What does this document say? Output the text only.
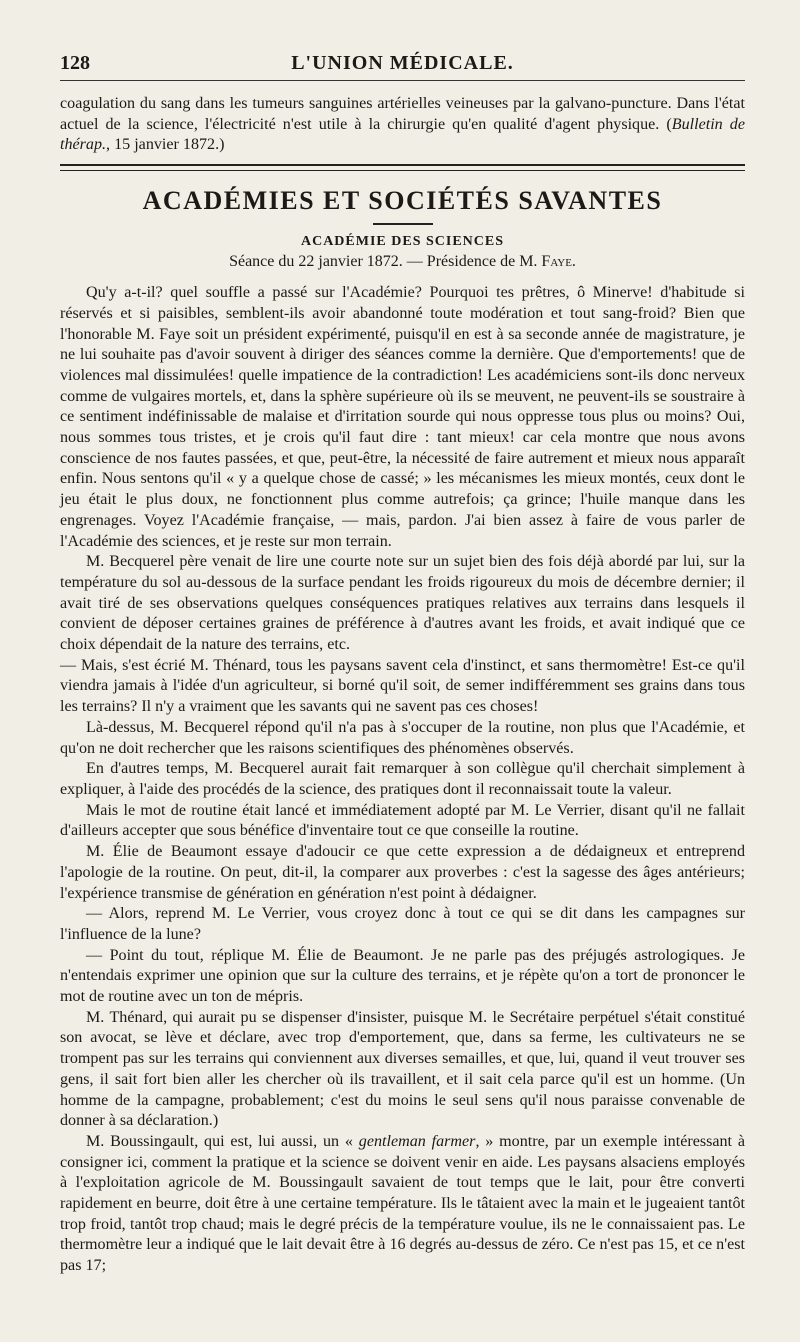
128	L'UNION MÉDICALE.

coagulation du sang dans les tumeurs sanguines artérielles veineuses par la galvano-puncture. Dans l'état actuel de la science, l'électricité n'est utile à la chirurgie qu'en qualité d'agent physique. (Bulletin de thérap., 15 janvier 1872.)

ACADÉMIES ET SOCIÉTÉS SAVANTES
ACADÉMIE DES SCIENCES
Séance du 22 janvier 1872. — Présidence de M. Faye.

Qu'y a-t-il? quel souffle a passé sur l'Académie? Pourquoi tes prêtres, ô Minerve! d'habitude si réservés et si paisibles, semblent-ils avoir abandonné toute modération et tout sang-froid? Bien que l'honorable M. Faye soit un président expérimenté, puisqu'il en est à sa seconde année de magistrature, je ne lui souhaite pas d'avoir souvent à diriger des séances comme la dernière. Que d'emportements! que de violences mal dissimulées! quelle impatience de la contradiction! Les académiciens sont-ils donc nerveux comme de vulgaires mortels, et, dans la sphère supérieure où ils se meuvent, ne peuvent-ils se soustraire à ce sentiment indéfinissable de malaise et d'irritation sourde qui nous oppresse tous plus ou moins? Oui, nous sommes tous tristes, et je crois qu'il faut dire : tant mieux! car cela montre que nous avons conscience de nos fautes passées, et que, peut-être, la nécessité de faire autrement et mieux nous apparaît enfin. Nous sentons qu'il « y a quelque chose de cassé; » les mécanismes les mieux montés, ceux dont le jeu était le plus doux, ne fonctionnent plus comme autrefois; ça grince; l'huile manque dans les engrenages. Voyez l'Académie française, — mais, pardon. J'ai bien assez à faire de vous parler de l'Académie des sciences, et je reste sur mon terrain.

M. Becquerel père venait de lire une courte note sur un sujet bien des fois déjà abordé par lui, sur la température du sol au-dessous de la surface pendant les froids rigoureux du mois de décembre dernier; il avait tiré de ses observations quelques conséquences pratiques relatives aux terrains dans lesquels il convient de déposer certaines graines de préférence à d'autres avant les froids, et avait indiqué que ce choix dépendait de la nature des terrains, etc.

— Mais, s'est écrié M. Thénard, tous les paysans savent cela d'instinct, et sans thermomètre! Est-ce qu'il viendra jamais à l'idée d'un agriculteur, si borné qu'il soit, de semer indifféremment ses grains dans tous les terrains? Il n'y a vraiment que les savants qui ne savent pas ces choses!

Là-dessus, M. Becquerel répond qu'il n'a pas à s'occuper de la routine, non plus que l'Académie, et qu'on ne doit rechercher que les raisons scientifiques des phénomènes observés.

En d'autres temps, M. Becquerel aurait fait remarquer à son collègue qu'il cherchait simplement à expliquer, à l'aide des procédés de la science, des pratiques dont il reconnaissait toute la valeur.

Mais le mot de routine était lancé et immédiatement adopté par M. Le Verrier, disant qu'il ne fallait d'ailleurs accepter que sous bénéfice d'inventaire tout ce que conseille la routine.

M. Élie de Beaumont essaye d'adoucir ce que cette expression a de dédaigneux et entreprend l'apologie de la routine. On peut, dit-il, la comparer aux proverbes : c'est la sagesse des âges antérieurs; l'expérience transmise de génération en génération n'est point à dédaigner.

— Alors, reprend M. Le Verrier, vous croyez donc à tout ce qui se dit dans les campagnes sur l'influence de la lune?

— Point du tout, réplique M. Élie de Beaumont. Je ne parle pas des préjugés astrologiques. Je n'entendais exprimer une opinion que sur la culture des terrains, et je répète qu'on a tort de prononcer le mot de routine avec un ton de mépris.

M. Thénard, qui aurait pu se dispenser d'insister, puisque M. le Secrétaire perpétuel s'était constitué son avocat, se lève et déclare, avec trop d'emportement, que, dans sa ferme, les cultivateurs ne se trompent pas sur les terrains qui conviennent aux diverses semailles, et que, lui, quand il veut trouver ses gens, il sait fort bien aller les chercher où ils travaillent, et il sait cela parce qu'il est un homme. (Un homme de la campagne, probablement; c'est du moins le seul sens qu'il nous paraisse convenable de donner à sa déclaration.)

M. Boussingault, qui est, lui aussi, un « gentleman farmer, » montre, par un exemple intéressant à consigner ici, comment la pratique et la science se doivent venir en aide. Les paysans alsaciens employés à l'exploitation agricole de M. Boussingault savaient de tout temps que le lait, pour être converti rapidement en beurre, doit être à une certaine température. Ils le tâtaient avec la main et le jugeaient tantôt trop froid, tantôt trop chaud; mais le degré précis de la température voulue, ils ne le connaissaient pas. Le thermomètre leur a indiqué que le lait devait être à 16 degrés au-dessus de zéro. Ce n'est pas 15, et ce n'est pas 17;
